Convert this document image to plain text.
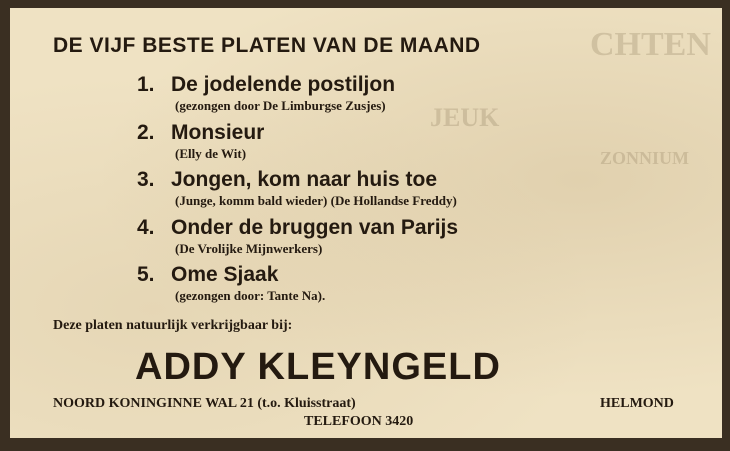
CHTEN
JEUK
ZONNIUM
DE VIJF BESTE PLATEN VAN DE MAAND
1. De jodelende postiljon
(gezongen door De Limburgse Zusjes)
2. Monsieur
(Elly de Wit)
3. Jongen, kom naar huis toe
(Junge, komm bald wieder) (De Hollandse Freddy)
4. Onder de bruggen van Parijs
(De Vrolijke Mijnwerkers)
5. Ome Sjaak
(gezongen door: Tante Na).
Deze platen natuurlijk verkrijgbaar bij:
ADDY KLEYNGELD
NOORD KONINGINNE WAL 21 (t.o. Kluisstraat)	HELMOND
TELEFOON 3420
